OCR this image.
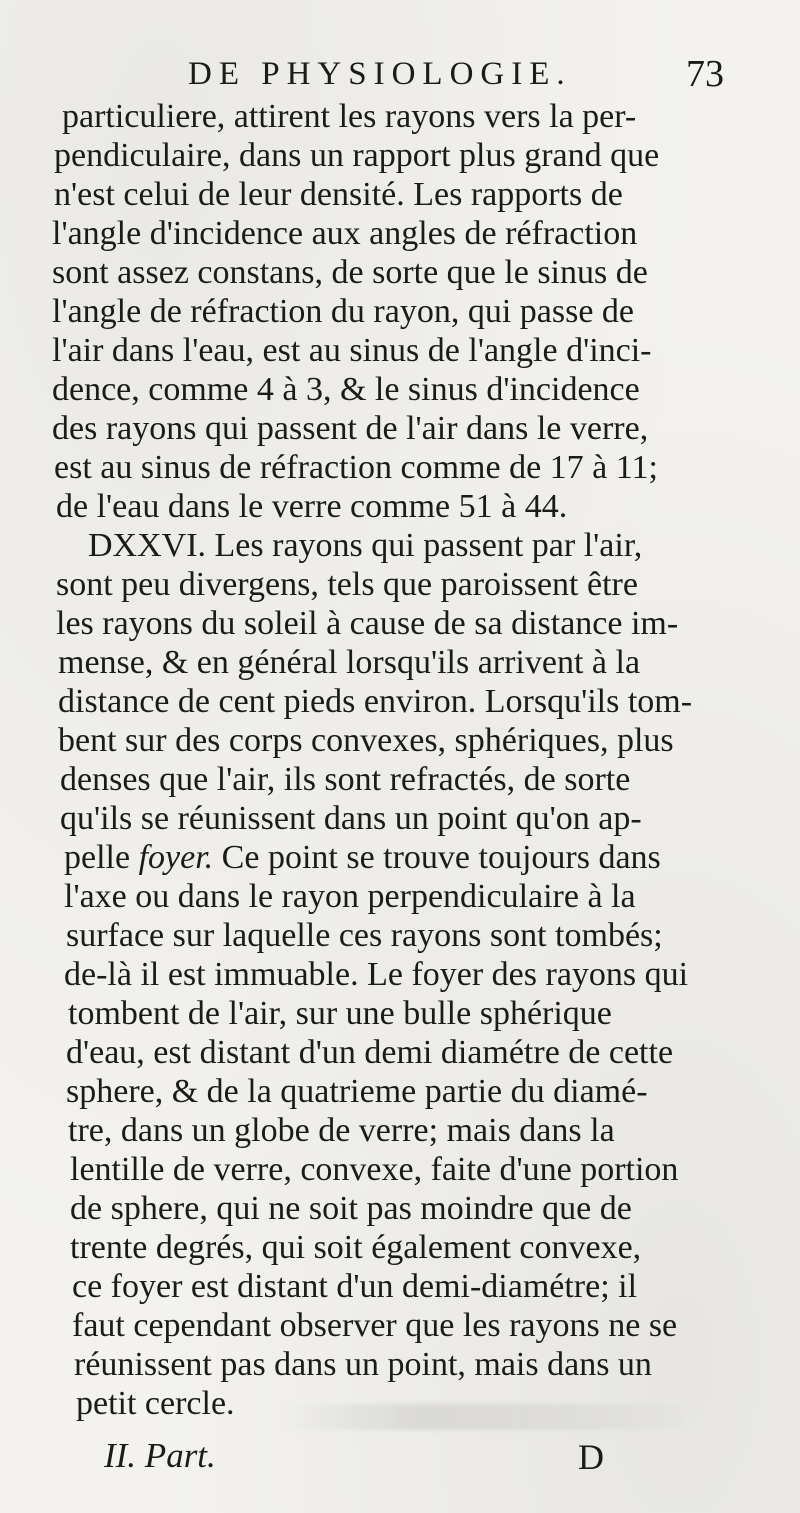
DE PHYSIOLOGIE.	73
particuliere, attirent les rayons vers la per-
pendiculaire, dans un rapport plus grand que
n'est celui de leur densité. Les rapports de
l'angle d'incidence aux angles de réfraction
sont assez constans, de sorte que le sinus de
l'angle de réfraction du rayon, qui passe de
l'air dans l'eau, est au sinus de l'angle d'inci-
dence, comme 4 à 3, & le sinus d'incidence
des rayons qui passent de l'air dans le verre,
est au sinus de réfraction comme de 17 à 11;
de l'eau dans le verre comme 51 à 44.
DXXVI. Les rayons qui passent par l'air,
sont peu divergens, tels que paroissent être
les rayons du soleil à cause de sa distance im-
mense, & en général lorsqu'ils arrivent à la
distance de cent pieds environ. Lorsqu'ils tom-
bent sur des corps convexes, sphériques, plus
denses que l'air, ils sont refractés, de sorte
qu'ils se réunissent dans un point qu'on ap-
pelle foyer. Ce point se trouve toujours dans
l'axe ou dans le rayon perpendiculaire à la
surface sur laquelle ces rayons sont tombés;
de-là il est immuable. Le foyer des rayons qui
tombent de l'air, sur une bulle sphérique
d'eau, est distant d'un demi diamétre de cette
sphere, & de la quatrieme partie du diamé-
tre, dans un globe de verre; mais dans la
lentille de verre, convexe, faite d'une portion
de sphere, qui ne soit pas moindre que de
trente degrés, qui soit également convexe,
ce foyer est distant d'un demi-diamétre; il
faut cependant observer que les rayons ne se
réunissent pas dans un point, mais dans un
petit cercle.
II. Part.	D
